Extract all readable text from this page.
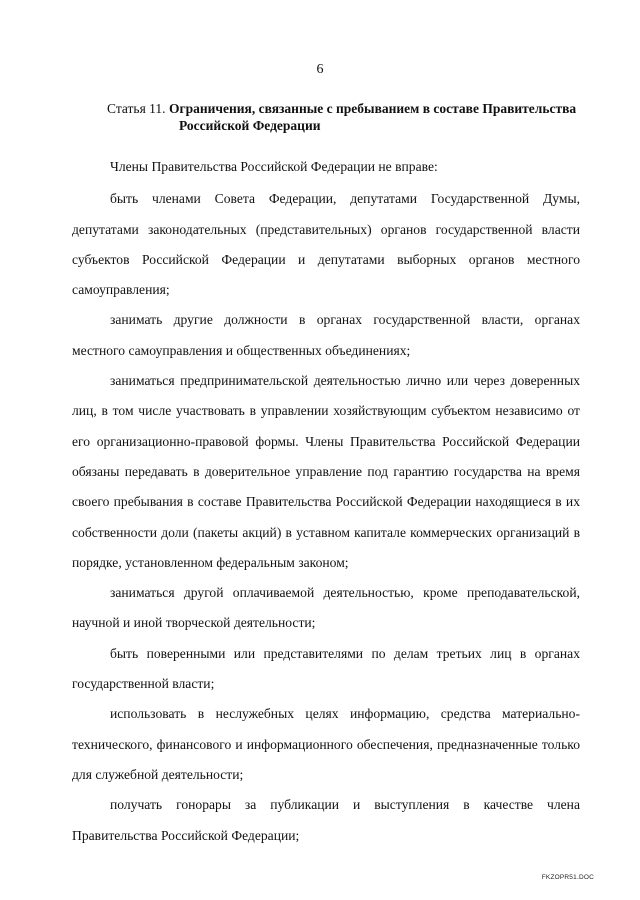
6
Статья 11. Ограничения, связанные с пребыванием в составе Правительства
Российской Федерации

Члены Правительства Российской Федерации не вправе:

быть членами Совета Федерации, депутатами Государственной Думы, депутатами законодательных (представительных) органов государственной власти субъектов Российской Федерации и депутатами выборных органов местного самоуправления;

занимать другие должности в органах государственной власти, органах местного самоуправления и общественных объединениях;

заниматься предпринимательской деятельностью лично или через доверенных лиц, в том числе участвовать в управлении хозяйствующим субъектом независимо от его организационно-правовой формы. Члены Правительства Российской Федерации обязаны передавать в доверительное управление под гарантию государства на время своего пребывания в составе Правительства Российской Федерации находящиеся в их собственности доли (пакеты акций) в уставном капитале коммерческих организаций в порядке, установленном федеральным законом;

заниматься другой оплачиваемой деятельностью, кроме преподавательской, научной и иной творческой деятельности;

быть поверенными или представителями по делам третьих лиц в органах государственной власти;

использовать в неслужебных целях информацию, средства материально-технического, финансового и информационного обеспечения, предназначенные только для служебной деятельности;

получать гонорары за публикации и выступления в качестве члена Правительства Российской Федерации;

FKZOPR51.DOC
